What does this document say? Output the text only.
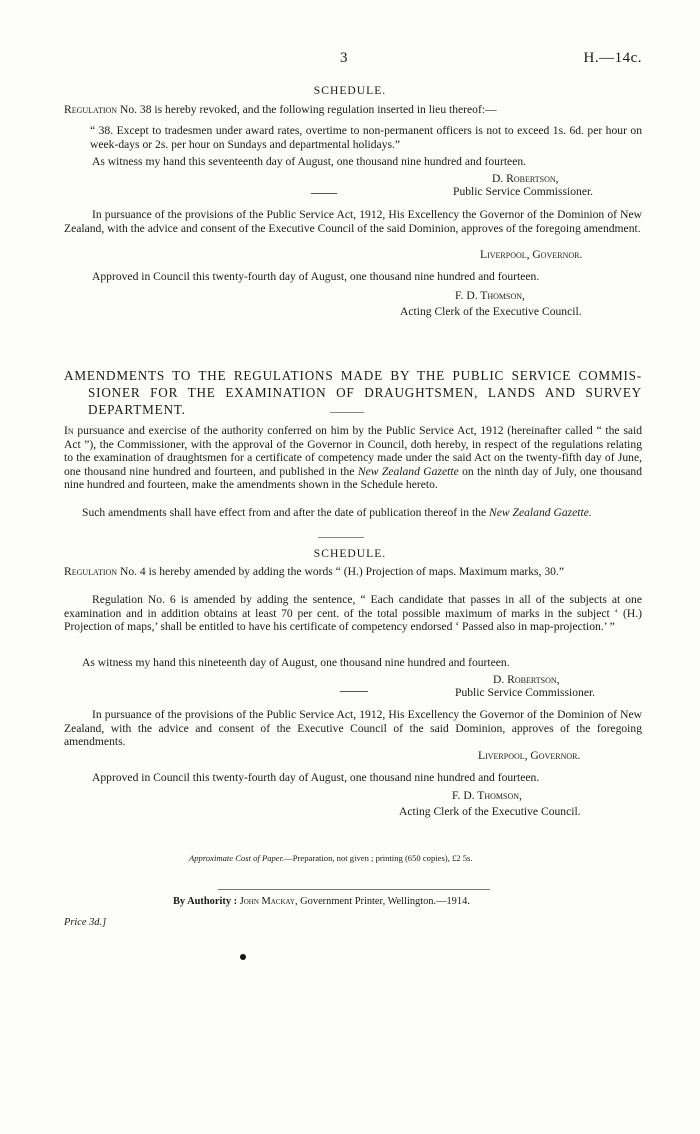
3	H.—14c.
SCHEDULE.
Regulation No. 38 is hereby revoked, and the following regulation inserted in lieu thereof:—
“ 38. Except to tradesmen under award rates, overtime to non-permanent officers is not to exceed 1s. 6d. per hour on week-days or 2s. per hour on Sundays and departmental holidays.”
As witness my hand this seventeenth day of August, one thousand nine hundred and fourteen.
D. Robertson,
Public Service Commissioner.
In pursuance of the provisions of the Public Service Act, 1912, His Excellency the Governor of the Dominion of New Zealand, with the advice and consent of the Executive Council of the said Dominion, approves of the foregoing amendment.
Liverpool, Governor.
Approved in Council this twenty-fourth day of August, one thousand nine hundred and fourteen.
F. D. Thomson,
Acting Clerk of the Executive Council.
AMENDMENTS TO THE REGULATIONS MADE BY THE PUBLIC SERVICE COMMIS-
SIONER FOR THE EXAMINATION OF DRAUGHTSMEN, LANDS AND SURVEY
DEPARTMENT.
In pursuance and exercise of the authority conferred on him by the Public Service Act, 1912 (hereinafter called “ the said Act ”), the Commissioner, with the approval of the Governor in Council, doth hereby, in respect of the regulations relating to the examination of draughtsmen for a certificate of competency made under the said Act on the twenty-fifth day of June, one thousand nine hundred and fourteen, and published in the New Zealand Gazette on the ninth day of July, one thousand nine hundred and fourteen, make the amendments shown in the Schedule hereto.
Such amendments shall have effect from and after the date of publication thereof in the New Zealand Gazette.
SCHEDULE.
Regulation No. 4 is hereby amended by adding the words “ (H.) Projection of maps. Maximum marks, 30.”
Regulation No. 6 is amended by adding the sentence, “ Each candidate that passes in all of the subjects at one examination and in addition obtains at least 70 per cent. of the total possible maximum of marks in the subject ‘ (H.) Projection of maps,’ shall be entitled to have his certificate of competency endorsed ‘ Passed also in map-projection.’ ”
As witness my hand this nineteenth day of August, one thousand nine hundred and fourteen.
D. Robertson,
Public Service Commissioner.
In pursuance of the provisions of the Public Service Act, 1912, His Excellency the Governor of the Dominion of New Zealand, with the advice and consent of the Executive Council of the said Dominion, approves of the foregoing amendments.
Liverpool, Governor.
Approved in Council this twenty-fourth day of August, one thousand nine hundred and fourteen.
F. D. Thomson,
Acting Clerk of the Executive Council.
Approximate Cost of Paper.—Preparation, not given ; printing (650 copies), £2 5s.
By Authority : John Mackay, Government Printer, Wellington.—1914.
Price 3d.]
